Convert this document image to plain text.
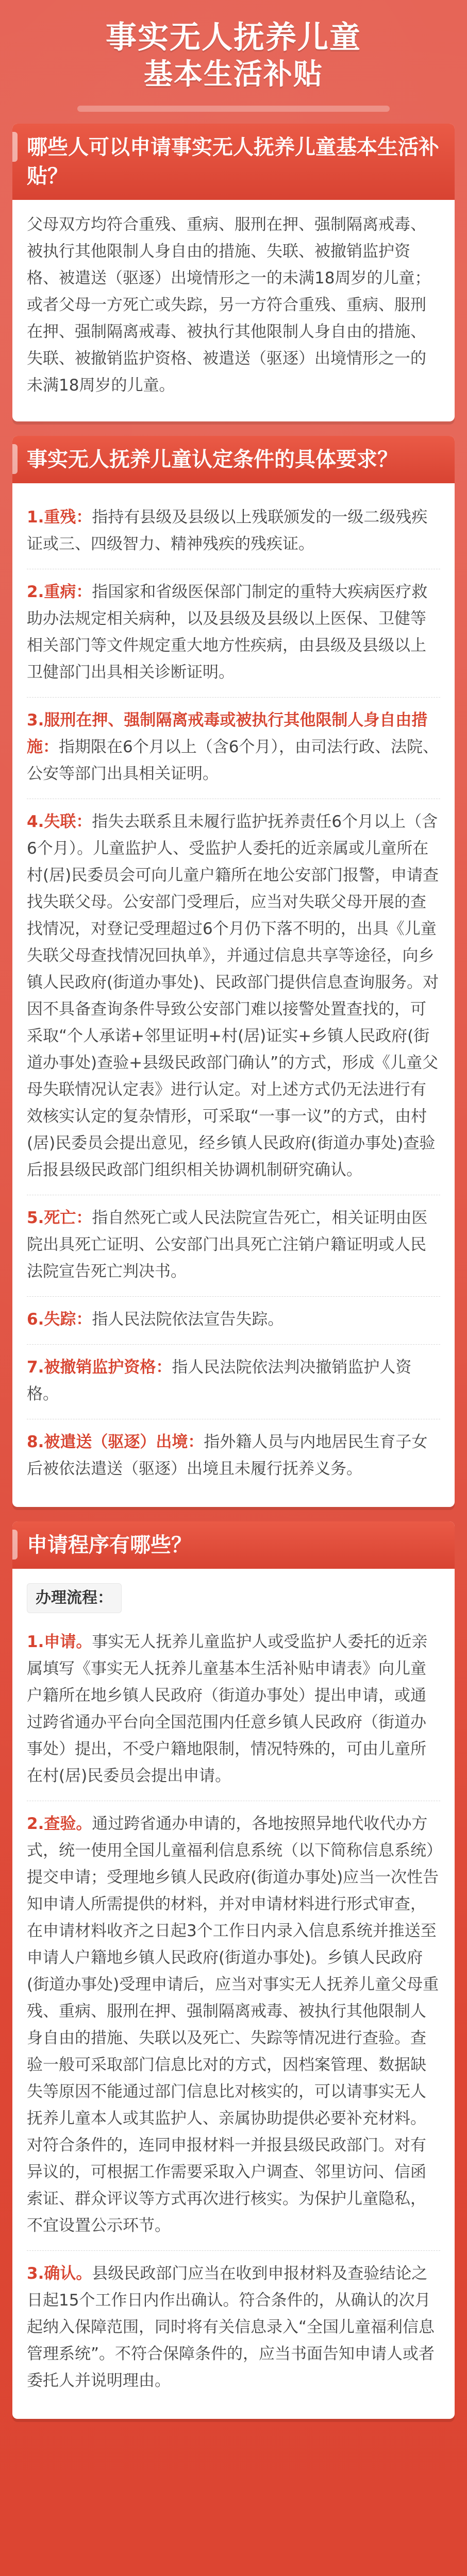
事实无人抚养儿童
基本生活补贴
哪些人可以申请事实无人抚养儿童基本生活补贴？
父母双方均符合重残、重病、服刑在押、强制隔离戒毒、被执行其他限制人身自由的措施、失联、被撤销监护资格、被遣送（驱逐）出境情形之一的未满18周岁的儿童；或者父母一方死亡或失踪，另一方符合重残、重病、服刑在押、强制隔离戒毒、被执行其他限制人身自由的措施、失联、被撤销监护资格、被遣送（驱逐）出境情形之一的未满18周岁的儿童。
事实无人抚养儿童认定条件的具体要求？
1.重残：指持有县级及县级以上残联颁发的一级二级残疾证或三、四级智力、精神残疾的残疾证。
2.重病：指国家和省级医保部门制定的重特大疾病医疗救助办法规定相关病种，以及县级及县级以上医保、卫健等相关部门等文件规定重大地方性疾病，由县级及县级以上卫健部门出具相关诊断证明。
3.服刑在押、强制隔离戒毒或被执行其他限制人身自由措施：指期限在6个月以上（含6个月），由司法行政、法院、公安等部门出具相关证明。
4.失联：指失去联系且未履行监护抚养责任6个月以上（含6个月）。儿童监护人、受监护人委托的近亲属或儿童所在村(居)民委员会可向儿童户籍所在地公安部门报警，申请查找失联父母。公安部门受理后，应当对失联父母开展的查找情况，对登记受理超过6个月仍下落不明的，出具《儿童失联父母查找情况回执单》，并通过信息共享等途径，向乡镇人民政府(街道办事处)、民政部门提供信息查询服务。对因不具备查询条件导致公安部门难以接警处置查找的，可采取“个人承诺+邻里证明+村(居)证实+乡镇人民政府(街道办事处)查验+县级民政部门确认”的方式，形成《儿童父母失联情况认定表》进行认定。对上述方式仍无法进行有效核实认定的复杂情形，可采取“一事一议”的方式，由村(居)民委员会提出意见，经乡镇人民政府(街道办事处)查验后报县级民政部门组织相关协调机制研究确认。
5.死亡：指自然死亡或人民法院宣告死亡，相关证明由医院出具死亡证明、公安部门出具死亡注销户籍证明或人民法院宣告死亡判决书。
6.失踪：指人民法院依法宣告失踪。
7.被撤销监护资格：指人民法院依法判决撤销监护人资格。
8.被遣送（驱逐）出境：指外籍人员与内地居民生育子女后被依法遣送（驱逐）出境且未履行抚养义务。
申请程序有哪些？
办理流程：
1.申请。事实无人抚养儿童监护人或受监护人委托的近亲属填写《事实无人抚养儿童基本生活补贴申请表》向儿童户籍所在地乡镇人民政府（街道办事处）提出申请，或通过跨省通办平台向全国范围内任意乡镇人民政府（街道办事处）提出，不受户籍地限制，情况特殊的，可由儿童所在村(居)民委员会提出申请。
2.查验。通过跨省通办申请的，各地按照异地代收代办方式，统一使用全国儿童福利信息系统（以下简称信息系统）提交申请；受理地乡镇人民政府(街道办事处)应当一次性告知申请人所需提供的材料，并对申请材料进行形式审查，在申请材料收齐之日起3个工作日内录入信息系统并推送至申请人户籍地乡镇人民政府(街道办事处)。乡镇人民政府(街道办事处)受理申请后，应当对事实无人抚养儿童父母重残、重病、服刑在押、强制隔离戒毒、被执行其他限制人身自由的措施、失联以及死亡、失踪等情况进行查验。查验一般可采取部门信息比对的方式，因档案管理、数据缺失等原因不能通过部门信息比对核实的，可以请事实无人抚养儿童本人或其监护人、亲属协助提供必要补充材料。对符合条件的，连同申报材料一并报县级民政部门。对有异议的，可根据工作需要采取入户调查、邻里访问、信函索证、群众评议等方式再次进行核实。为保护儿童隐私，不宜设置公示环节。
3.确认。县级民政部门应当在收到申报材料及查验结论之日起15个工作日内作出确认。符合条件的，从确认的次月起纳入保障范围，同时将有关信息录入“全国儿童福利信息管理系统”。不符合保障条件的，应当书面告知申请人或者委托人并说明理由。
